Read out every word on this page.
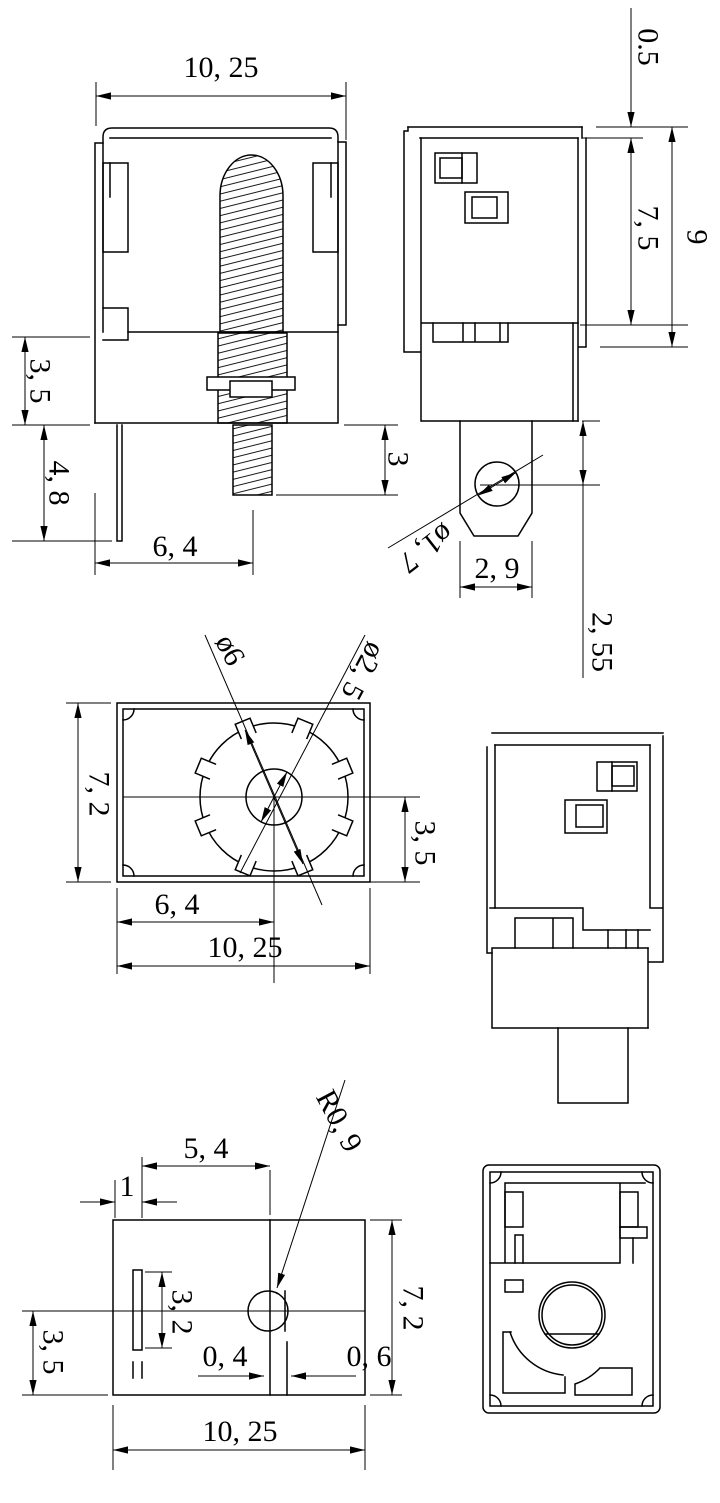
10, 25
3, 5
4, 8
6, 4
3
0.5
7, 5 9
ø1, 7 2, 9
2, 55
ø6	ø2, 5
7, 2
3, 5
6, 4
10, 25
5, 4
1
R0, 9
3, 2
3, 5	0, 4	0, 6
7, 2
10, 25
